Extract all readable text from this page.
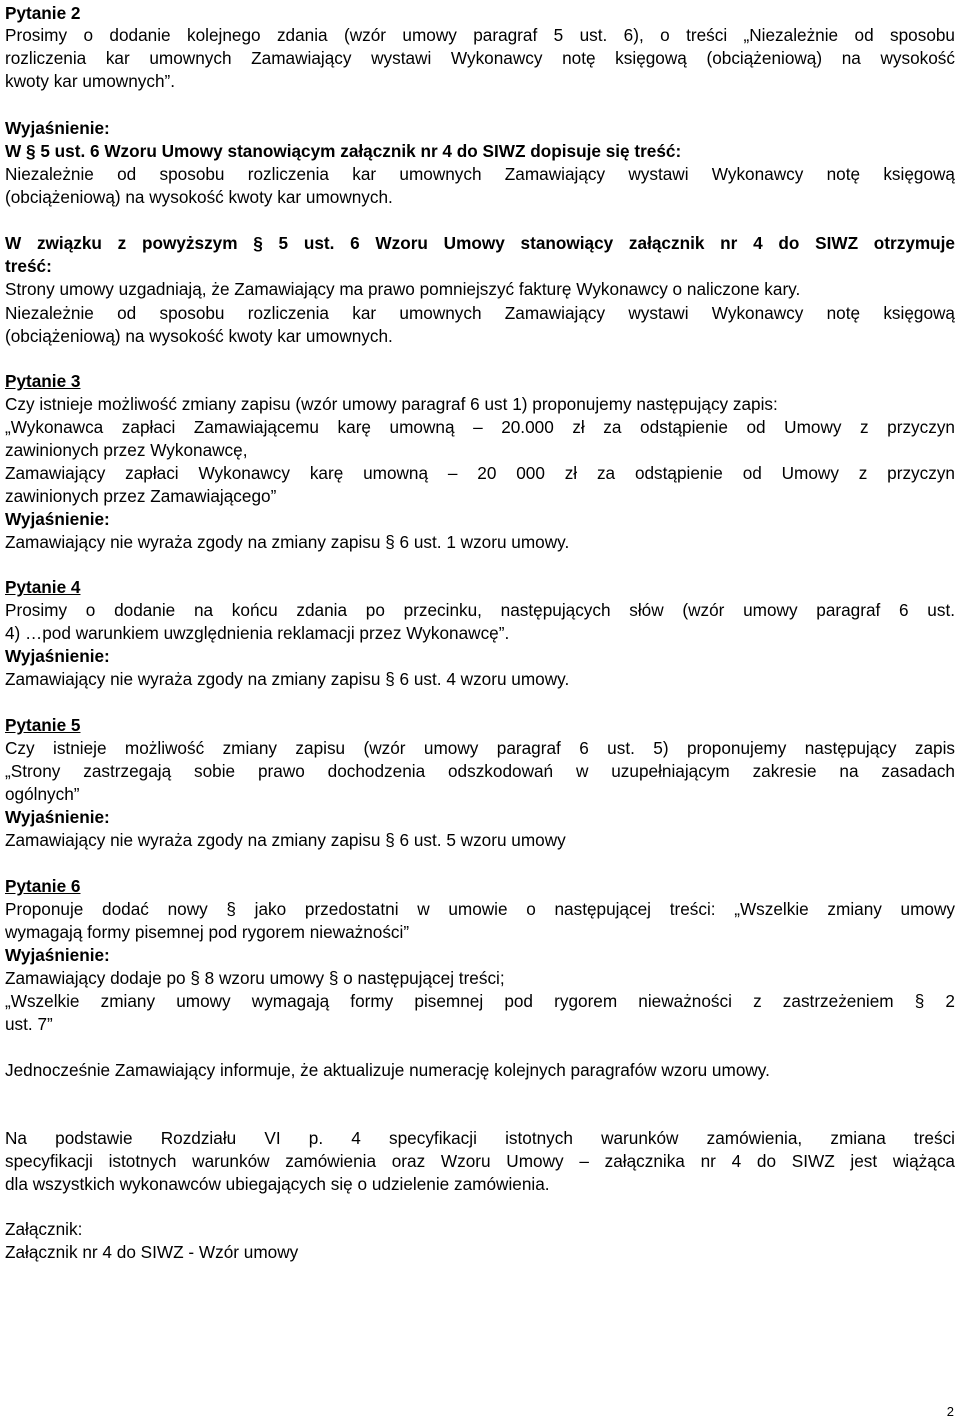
Pytanie 2
Prosimy o dodanie kolejnego zdania (wzór umowy paragraf 5 ust. 6), o treści „Niezależnie od sposobu
rozliczenia kar umownych Zamawiający wystawi Wykonawcy notę księgową (obciążeniową) na wysokość
kwoty kar umownych”.
Wyjaśnienie:
W § 5 ust. 6 Wzoru Umowy stanowiącym załącznik nr 4 do SIWZ dopisuje się treść:
Niezależnie od sposobu rozliczenia kar umownych Zamawiający wystawi Wykonawcy notę księgową
(obciążeniową) na wysokość kwoty kar umownych.
W związku z powyższym § 5 ust. 6 Wzoru Umowy stanowiący załącznik nr 4 do SIWZ otrzymuje
treść:
Strony umowy uzgadniają, że Zamawiający ma prawo pomniejszyć fakturę Wykonawcy o naliczone kary.
Niezależnie od sposobu rozliczenia kar umownych Zamawiający wystawi Wykonawcy notę księgową
(obciążeniową) na wysokość kwoty kar umownych.
Pytanie 3
Czy istnieje możliwość zmiany zapisu (wzór umowy paragraf 6 ust 1) proponujemy następujący zapis:
„Wykonawca zapłaci Zamawiającemu karę umowną – 20.000 zł za odstąpienie od Umowy z przyczyn
zawinionych przez Wykonawcę,
Zamawiający zapłaci Wykonawcy karę umowną – 20 000 zł za odstąpienie od Umowy z przyczyn
zawinionych przez Zamawiającego”
Wyjaśnienie:
Zamawiający nie wyraża zgody na zmiany zapisu § 6 ust. 1 wzoru umowy.
Pytanie 4
Prosimy o dodanie na końcu zdania po przecinku, następujących słów (wzór umowy paragraf 6 ust.
4) …pod warunkiem uwzględnienia reklamacji przez Wykonawcę”.
Wyjaśnienie:
Zamawiający nie wyraża zgody na zmiany zapisu § 6 ust. 4 wzoru umowy.
Pytanie 5
Czy istnieje możliwość zmiany zapisu (wzór umowy paragraf 6 ust. 5) proponujemy następujący zapis
„Strony zastrzegają sobie prawo dochodzenia odszkodowań w uzupełniającym zakresie na zasadach
ogólnych”
Wyjaśnienie:
Zamawiający nie wyraża zgody na zmiany zapisu § 6 ust. 5 wzoru umowy
Pytanie 6
Proponuje dodać nowy § jako przedostatni w umowie o następującej treści: „Wszelkie zmiany umowy
wymagają formy pisemnej pod rygorem nieważności”
Wyjaśnienie:
Zamawiający dodaje po § 8 wzoru umowy § o następującej treści;
„Wszelkie zmiany umowy wymagają formy pisemnej pod rygorem nieważności z zastrzeżeniem § 2
ust. 7”
Jednocześnie Zamawiający informuje, że aktualizuje numerację kolejnych paragrafów wzoru umowy.
Na podstawie Rozdziału VI p. 4 specyfikacji istotnych warunków zamówienia, zmiana treści
specyfikacji istotnych warunków zamówienia oraz Wzoru Umowy – załącznika nr 4 do SIWZ jest wiążąca
dla wszystkich wykonawców ubiegających się o udzielenie zamówienia.
Załącznik:
Załącznik nr 4 do SIWZ - Wzór umowy
2
